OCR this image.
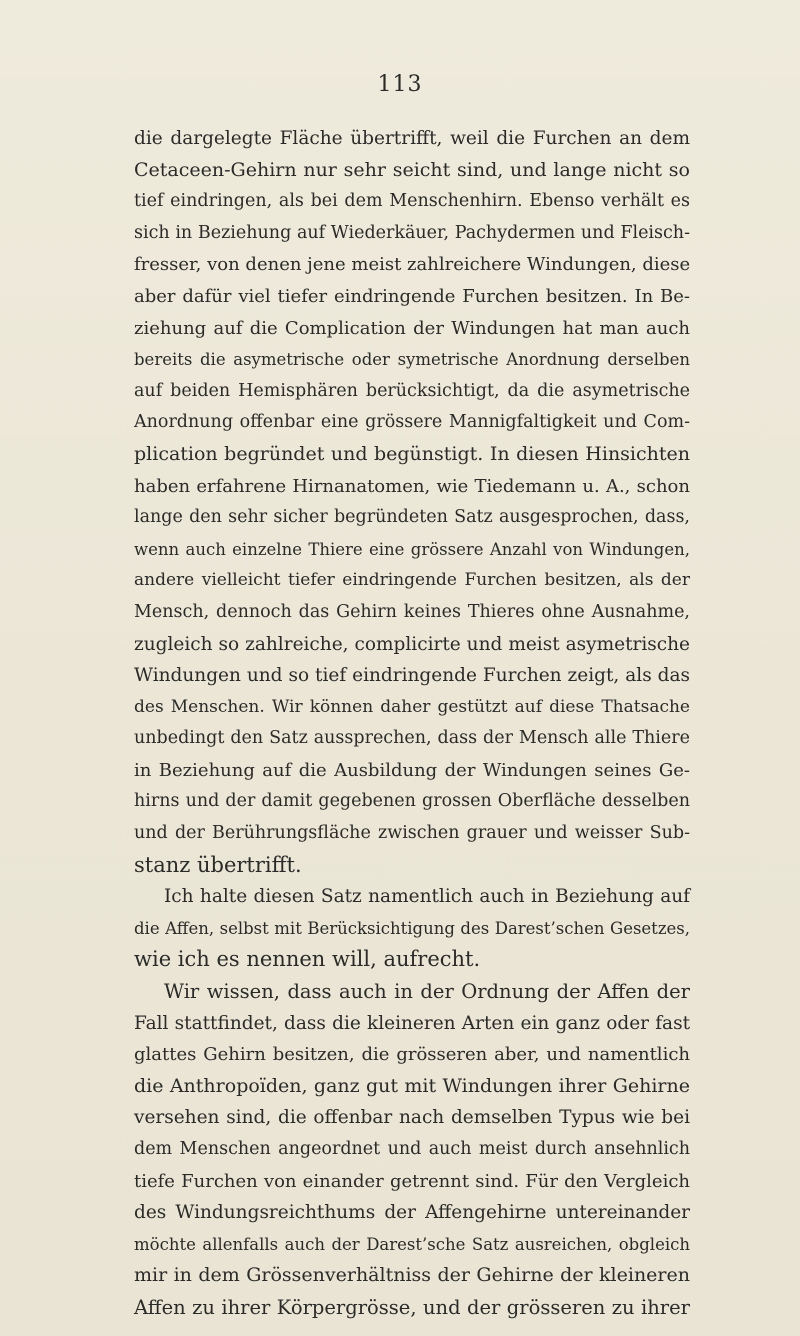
113
die dargelegte Fläche übertrifft, weil die Furchen an dem
Cetaceen-Gehirn nur sehr seicht sind, und lange nicht so
tief eindringen, als bei dem Menschenhirn. Ebenso verhält es
sich in Beziehung auf Wiederkäuer, Pachydermen und Fleisch-
fresser, von denen jene meist zahlreichere Windungen, diese
aber dafür viel tiefer eindringende Furchen besitzen. In Be-
ziehung auf die Complication der Windungen hat man auch
bereits die asymetrische oder symetrische Anordnung derselben
auf beiden Hemisphären berücksichtigt, da die asymetrische
Anordnung offenbar eine grössere Mannigfaltigkeit und Com-
plication begründet und begünstigt. In diesen Hinsichten
haben erfahrene Hirnanatomen, wie Tiedemann u. A., schon
lange den sehr sicher begründeten Satz ausgesprochen, dass,
wenn auch einzelne Thiere eine grössere Anzahl von Windungen,
andere vielleicht tiefer eindringende Furchen besitzen, als der
Mensch, dennoch das Gehirn keines Thieres ohne Ausnahme,
zugleich so zahlreiche, complicirte und meist asymetrische
Windungen und so tief eindringende Furchen zeigt, als das
des Menschen. Wir können daher gestützt auf diese Thatsache
unbedingt den Satz aussprechen, dass der Mensch alle Thiere
in Beziehung auf die Ausbildung der Windungen seines Ge-
hirns und der damit gegebenen grossen Oberfläche desselben
und der Berührungsfläche zwischen grauer und weisser Sub-
stanz übertrifft.
Ich halte diesen Satz namentlich auch in Beziehung auf
die Affen, selbst mit Berücksichtigung des Darest’schen Gesetzes,
wie ich es nennen will, aufrecht.
Wir wissen, dass auch in der Ordnung der Affen der
Fall stattfindet, dass die kleineren Arten ein ganz oder fast
glattes Gehirn besitzen, die grösseren aber, und namentlich
die Anthropoïden, ganz gut mit Windungen ihrer Gehirne
versehen sind, die offenbar nach demselben Typus wie bei
dem Menschen angeordnet und auch meist durch ansehnlich
tiefe Furchen von einander getrennt sind. Für den Vergleich
des Windungsreichthums der Affengehirne untereinander
möchte allenfalls auch der Darest’sche Satz ausreichen, obgleich
mir in dem Grössenverhältniss der Gehirne der kleineren
Affen zu ihrer Körpergrösse, und der grösseren zu ihrer
